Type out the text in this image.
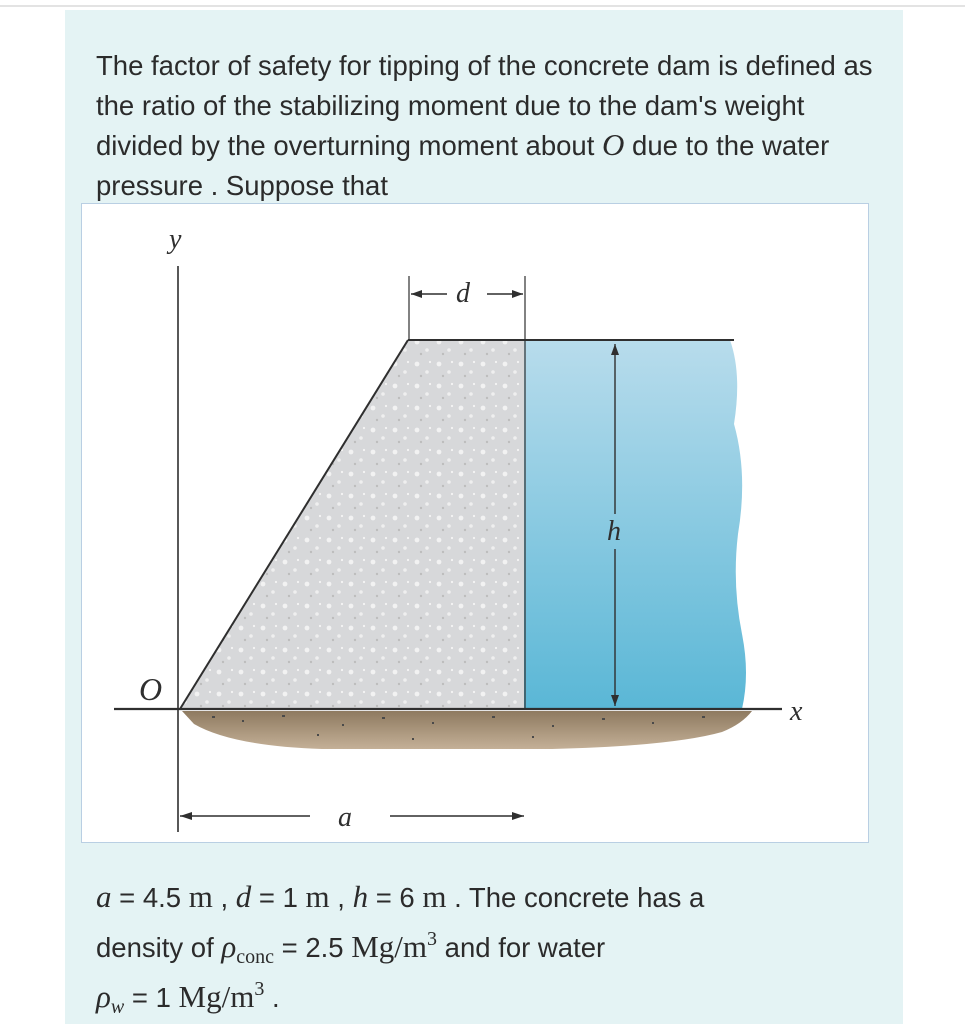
The factor of safety for tipping of the concrete dam is defined as the ratio of the stabilizing moment due to the dam's weight divided by the overturning moment about O due to the water pressure . Suppose that
y
x
O
d
h
a
a = 4.5 m , d = 1 m , h = 6 m . The concrete has a
density of $\rho_{conc} = 2.5$ $Mg/m^3$ and for water
$\rho_w = 1$ $Mg/m^3$ .
